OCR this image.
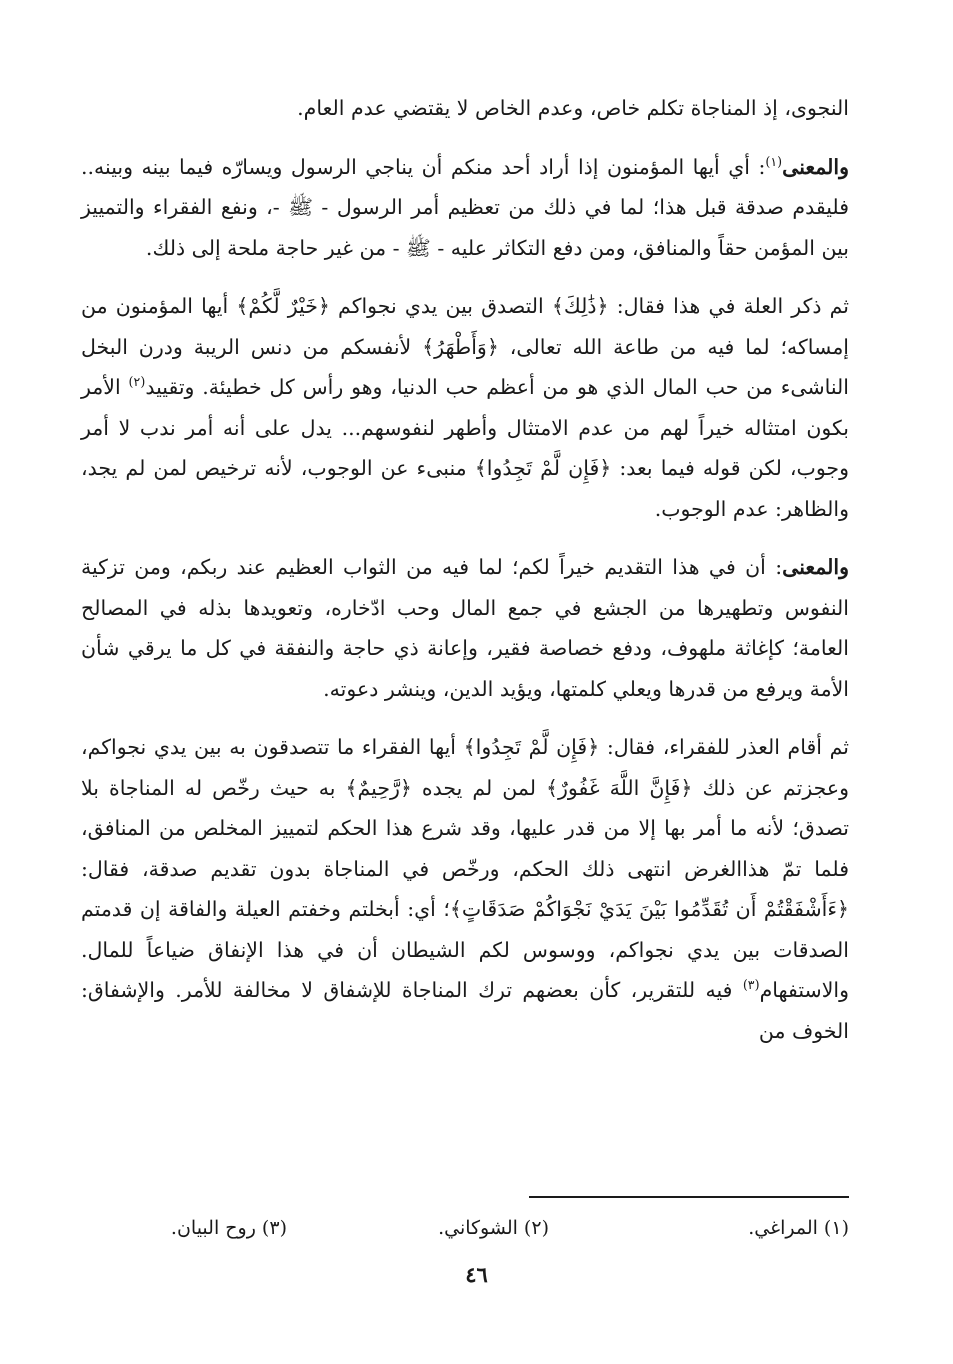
النجوى، إذ المناجاة تكلم خاص، وعدم الخاص لا يقتضي عدم العام.

والمعنى$^{(١)}$: أي أيها المؤمنون إذا أراد أحد منكم أن يناجي الرسول ويسارّه فيما بينه وبينه.. فليقدم صدقة قبل هذا؛ لما في ذلك من تعظيم أمر الرسول - ﷺ -، ونفع الفقراء والتمييز بين المؤمن حقاً والمنافق، ومن دفع التكاثر عليه - ﷺ - من غير حاجة ملحة إلى ذلك.

ثم ذكر العلة في هذا فقال: ﴿ذَٰلِكَ﴾ التصدق بين يدي نجواكم ﴿خَيْرٌ لَّكُمْ﴾ أيها المؤمنون من إمساكه؛ لما فيه من طاعة الله تعالى، ﴿وَأَطْهَرُ﴾ لأنفسكم من دنس الريبة ودرن البخل الناشىء من حب المال الذي هو من أعظم حب الدنيا، وهو رأس كل خطيئة. وتقييد$^{(٢)}$ الأمر بكون امتثاله خيراً لهم من عدم الامتثال وأطهر لنفوسهم... يدل على أنه أمر ندب لا أمر وجوب، لكن قوله فيما بعد: ﴿فَإِن لَّمْ تَجِدُوا﴾ منبىء عن الوجوب، لأنه ترخيص لمن لم يجد، والظاهر: عدم الوجوب.

والمعنى: أن في هذا التقديم خيراً لكم؛ لما فيه من الثواب العظيم عند ربكم، ومن تزكية النفوس وتطهيرها من الجشع في جمع المال وحب ادّخاره، وتعويدها بذله في المصالح العامة؛ كإغاثة ملهوف، ودفع خصاصة فقير، وإعانة ذي حاجة والنفقة في كل ما يرقي شأن الأمة ويرفع من قدرها ويعلي كلمتها، ويؤيد الدين، وينشر دعوته.

ثم أقام العذر للفقراء، فقال: ﴿فَإِن لَّمْ تَجِدُوا﴾ أيها الفقراء ما تتصدقون به بين يدي نجواكم، وعجزتم عن ذلك ﴿فَإِنَّ اللَّهَ غَفُورٌ﴾ لمن لم يجده ﴿رَّحِيمٌ﴾ به حيث رخّص له المناجاة بلا تصدق؛ لأنه ما أمر بها إلا من قدر عليها، وقد شرع هذا الحكم لتمييز المخلص من المنافق، فلما تمّ هذاالغرض انتهى ذلك الحكم، ورخّص في المناجاة بدون تقديم صدقة، فقال: ﴿ءَأَشْفَقْتُمْ أَن تُقَدِّمُوا بَيْنَ يَدَيْ نَجْوَاكُمْ صَدَقَاتٍ﴾؛ أي: أبخلتم وخفتم العيلة والفاقة إن قدمتم الصدقات بين يدي نجواكم، ووسوس لكم الشيطان أن في هذا الإنفاق ضياعاً للمال. والاستفهام$^{(٣)}$ فيه للتقرير، كأن بعضهم ترك المناجاة للإشفاق لا مخالفة للأمر. والإشفاق: الخوف من

(١) المراغي.
(٢) الشوكاني.
(٣) روح البيان.
٤٦
